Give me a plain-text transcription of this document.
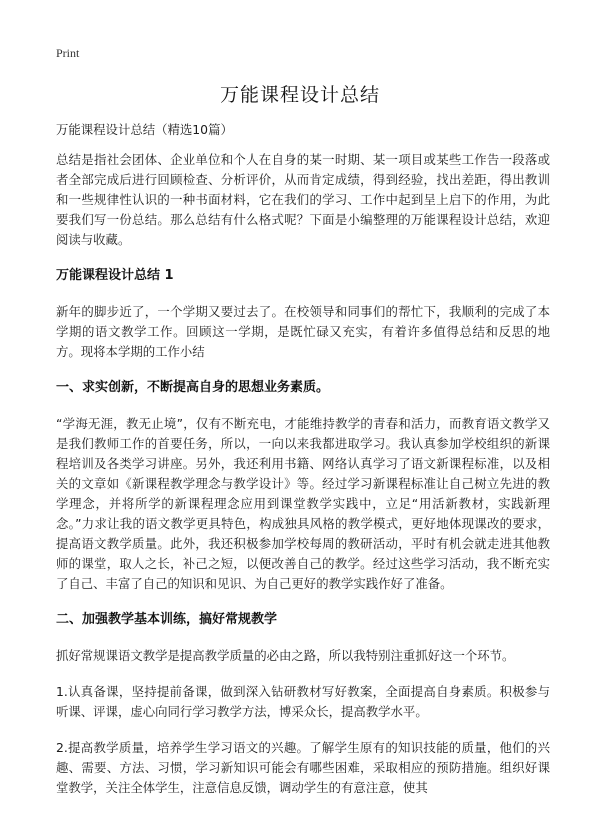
Print
万能课程设计总结

万能课程设计总结（精选10篇）

总结是指社会团体、企业单位和个人在自身的某一时期、某一项目或某些工作告一段落或者全部完成后进行回顾检查、分析评价，从而肯定成绩，得到经验，找出差距，得出教训和一些规律性认识的一种书面材料，它在我们的学习、工作中起到呈上启下的作用，为此要我们写一份总结。那么总结有什么格式呢？下面是小编整理的万能课程设计总结，欢迎阅读与收藏。

万能课程设计总结 1

新年的脚步近了，一个学期又要过去了。在校领导和同事们的帮忙下，我顺利的完成了本学期的语文教学工作。回顾这一学期，是既忙碌又充实，有着许多值得总结和反思的地方。现将本学期的工作小结

一、求实创新，不断提高自身的思想业务素质。

“学海无涯，教无止境”，仅有不断充电，才能维持教学的青春和活力，而教育语文教学又是我们教师工作的首要任务，所以，一向以来我都进取学习。我认真参加学校组织的新课程培训及各类学习讲座。另外，我还利用书籍、网络认真学习了语文新课程标准，以及相关的文章如《新课程教学理念与教学设计》等。经过学习新课程标准让自己树立先进的教学理念，并将所学的新课程理念应用到课堂教学实践中，立足“用活新教材，实践新理念。”力求让我的语文教学更具特色，构成独具风格的教学模式，更好地体现课改的要求，提高语文教学质量。此外，我还积极参加学校每周的教研活动，平时有机会就走进其他教师的课堂，取人之长，补己之短，以便改善自己的教学。经过这些学习活动，我不断充实了自己、丰富了自己的知识和见识、为自己更好的教学实践作好了准备。

二、加强教学基本训练，搞好常规教学

抓好常规课语文教学是提高教学质量的必由之路，所以我特别注重抓好这一个环节。

1.认真备课，坚持提前备课，做到深入钻研教材写好教案，全面提高自身素质。积极参与听课、评课，虚心向同行学习教学方法，博采众长，提高教学水平。

2.提高教学质量，培养学生学习语文的兴趣。了解学生原有的知识技能的质量，他们的兴趣、需要、方法、习惯，学习新知识可能会有哪些困难，采取相应的预防措施。组织好课堂教学，关注全体学生，注意信息反馈，调动学生的有意注意，使其
